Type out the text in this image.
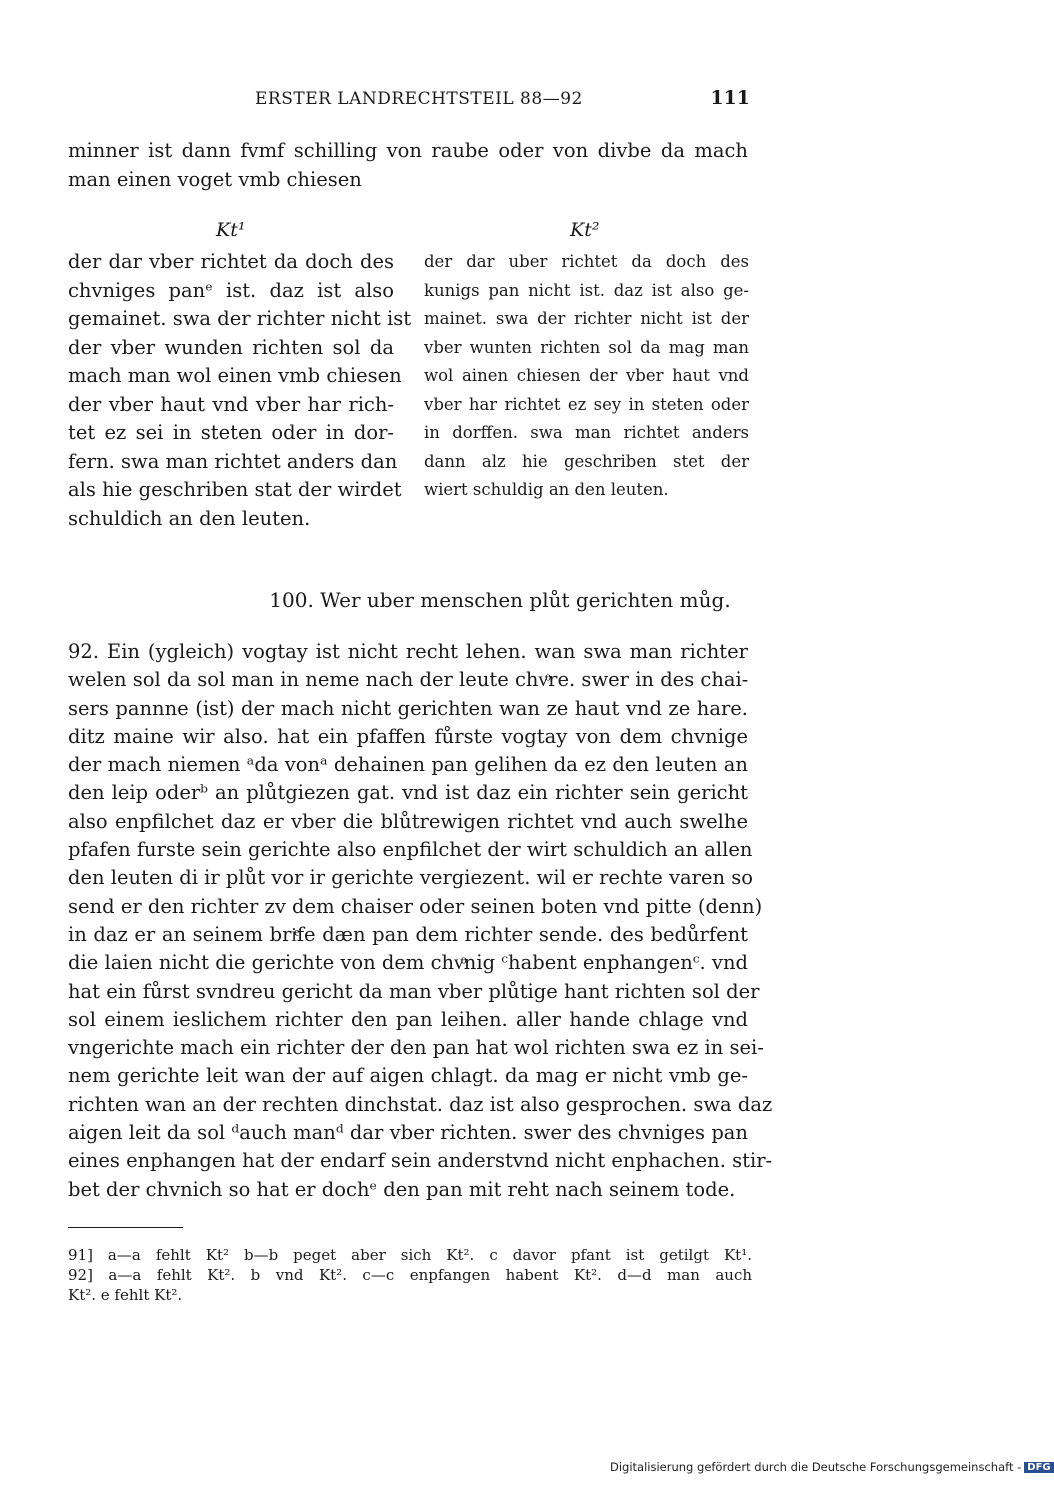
ERSTER LANDRECHTSTEIL 88—92	111
minner ist dann fvmf schilling von raube oder von divbe da mach
man einen voget vmb chiesen
Kt¹	Kt²
der dar vber richtet da doch des
chvniges panᵉ ist. daz ist also
gemainet. swa der richter nicht ist
der vber wunden richten sol da
mach man wol einen vmb chiesen
der vber haut vnd vber har rich-
tet ez sei in steten oder in dor-
fern. swa man richtet anders dan
als hie geschriben stat der wirdet
schuldich an den leuten.
der dar uber richtet da doch des
kunigs pan nicht ist. daz ist also ge-
mainet. swa der richter nicht ist der
vber wunten richten sol da mag man
wol ainen chiesen der vber haut vnd
vber har richtet ez sey in steten oder
in dorffen. swa man richtet anders
dann alz hie geschriben stet der
wiert schuldig an den leuten.
100. Wer uber menschen plůt gerichten můg.
92. Ein (ygleich) vogtay ist nicht recht lehen. wan swa man richter
welen sol da sol man in neme nach der leute chvͦre. swer in des chai-
sers pannne (ist) der mach nicht gerichten wan ze haut vnd ze hare.
ditz maine wir also. hat ein pfaffen fůrste vogtay von dem chvnige
der mach niemen ᵃda vonᵃ dehainen pan gelihen da ez den leuten an
den leip oderᵇ an plůtgiezen gat. vnd ist daz ein richter sein gericht
also enpfilchet daz er vber die blůtrewigen richtet vnd auch swelhe
pfafen furste sein gerichte also enpfilchet der wirt schuldich an allen
den leuten di ir plůt vor ir gerichte vergiezent. wil er rechte varen so
send er den richter zv dem chaiser oder seinen boten vnd pitte (denn)
in daz er an seinem briͤfe dæn pan dem richter sende. des bedůrfent
die laien nicht die gerichte von dem chvͦnig ᶜhabent enphangenᶜ. vnd
hat ein fůrst svndreu gericht da man vber plůtige hant richten sol der
sol einem ieslichem richter den pan leihen. aller hande chlage vnd
vngerichte mach ein richter der den pan hat wol richten swa ez in sei-
nem gerichte leit wan der auf aigen chlagt. da mag er nicht vmb ge-
richten wan an der rechten dinchstat. daz ist also gesprochen. swa daz
aigen leit da sol ᵈauch manᵈ dar vber richten. swer des chvniges pan
eines enphangen hat der endarf sein anderstvnd nicht enphachen. stir-
bet der chvnich so hat er dochᵉ den pan mit reht nach seinem tode.
91] a—a fehlt Kt² b—b peget aber sich Kt². c davor pfant ist getilgt Kt¹.
92] a—a fehlt Kt². b vnd Kt². c—c enpfangen habent Kt². d—d man auch
Kt². e fehlt Kt².
Digitalisierung gefördert durch die Deutsche Forschungsgemeinschaft - DFG
